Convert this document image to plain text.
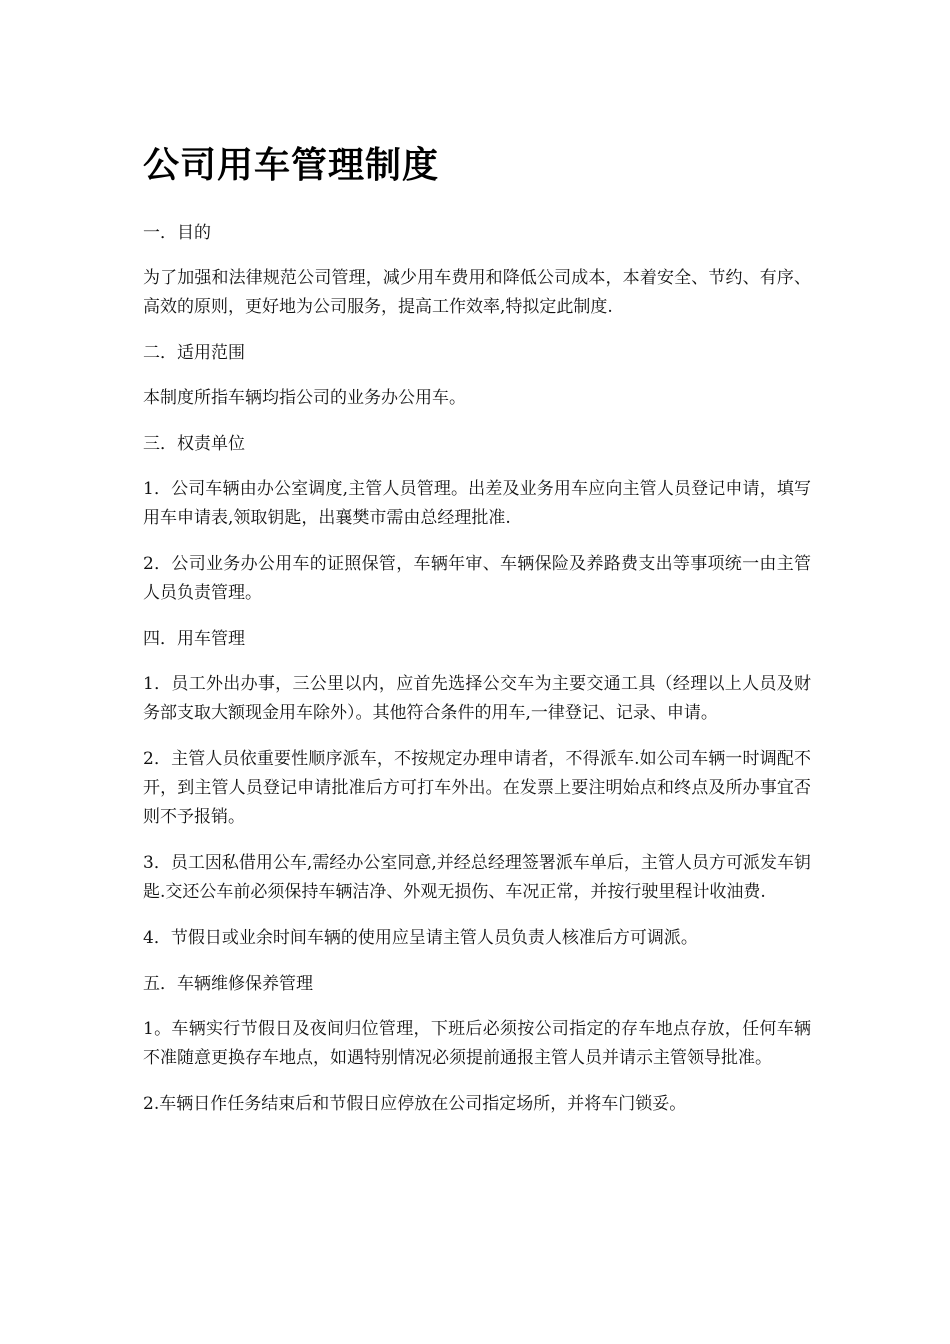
公司用车管理制度

一．目的

为了加强和法律规范公司管理，减少用车费用和降低公司成本，本着安全、节约、有序、高效的原则，更好地为公司服务，提高工作效率,特拟定此制度.

二．适用范围

本制度所指车辆均指公司的业务办公用车。

三．权责单位

1．公司车辆由办公室调度,主管人员管理。出差及业务用车应向主管人员登记申请，填写用车申请表,领取钥匙，出襄樊市需由总经理批准.

2．公司业务办公用车的证照保管，车辆年审、车辆保险及养路费支出等事项统一由主管人员负责管理。

四．用车管理

1．员工外出办事，三公里以内，应首先选择公交车为主要交通工具（经理以上人员及财务部支取大额现金用车除外）。其他符合条件的用车,一律登记、记录、申请。

2．主管人员依重要性顺序派车，不按规定办理申请者，不得派车.如公司车辆一时调配不开，到主管人员登记申请批准后方可打车外出。在发票上要注明始点和终点及所办事宜否则不予报销。

3．员工因私借用公车,需经办公室同意,并经总经理签署派车单后，主管人员方可派发车钥匙.交还公车前必须保持车辆洁净、外观无损伤、车况正常，并按行驶里程计收油费.

4．节假日或业余时间车辆的使用应呈请主管人员负责人核准后方可调派。

五．车辆维修保养管理

1。车辆实行节假日及夜间归位管理，下班后必须按公司指定的存车地点存放，任何车辆不准随意更换存车地点，如遇特别情况必须提前通报主管人员并请示主管领导批准。

2.车辆日作任务结束后和节假日应停放在公司指定场所，并将车门锁妥。
